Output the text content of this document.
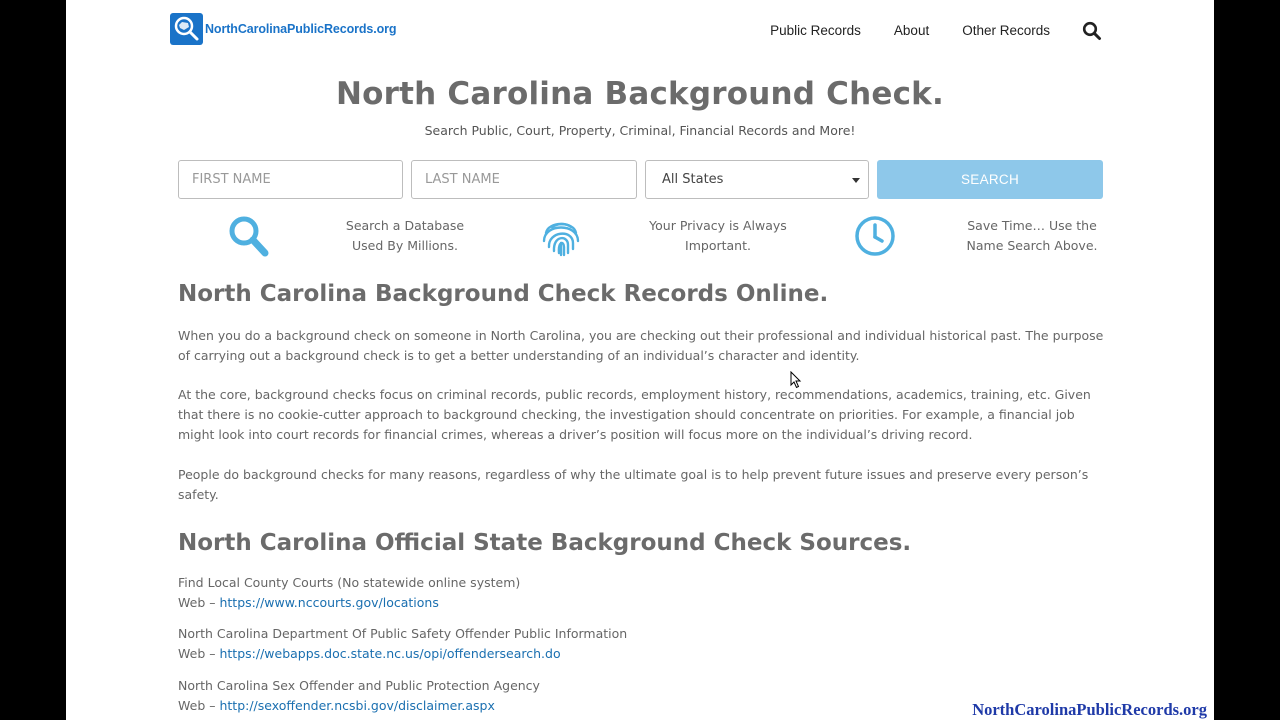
NorthCarolinaPublicRecords.org	Public Records About Other Records
North Carolina Background Check.
Search Public, Court, Property, Criminal, Financial Records and More!
FIRST NAME	LAST NAME	All States	SEARCH
Search a Database
Used By Millions.
Your Privacy is Always
Important.
Save Time… Use the
Name Search Above.
North Carolina Background Check Records Online.
When you do a background check on someone in North Carolina, you are checking out their professional and individual historical past. The purpose
of carrying out a background check is to get a better understanding of an individual’s character and identity.
At the core, background checks focus on criminal records, public records, employment history, recommendations, academics, training, etc. Given
that there is no cookie-cutter approach to background checking, the investigation should concentrate on priorities. For example, a financial job
might look into court records for financial crimes, whereas a driver’s position will focus more on the individual’s driving record.
People do background checks for many reasons, regardless of why the ultimate goal is to help prevent future issues and preserve every person’s
safety.
North Carolina Official State Background Check Sources.
Find Local County Courts (No statewide online system)
Web – https://www.nccourts.gov/locations
North Carolina Department Of Public Safety Offender Public Information
Web – https://webapps.doc.state.nc.us/opi/offendersearch.do
North Carolina Sex Offender and Public Protection Agency
Web – http://sexoffender.ncsbi.gov/disclaimer.aspx	NorthCarolinaPublicRecords.org
